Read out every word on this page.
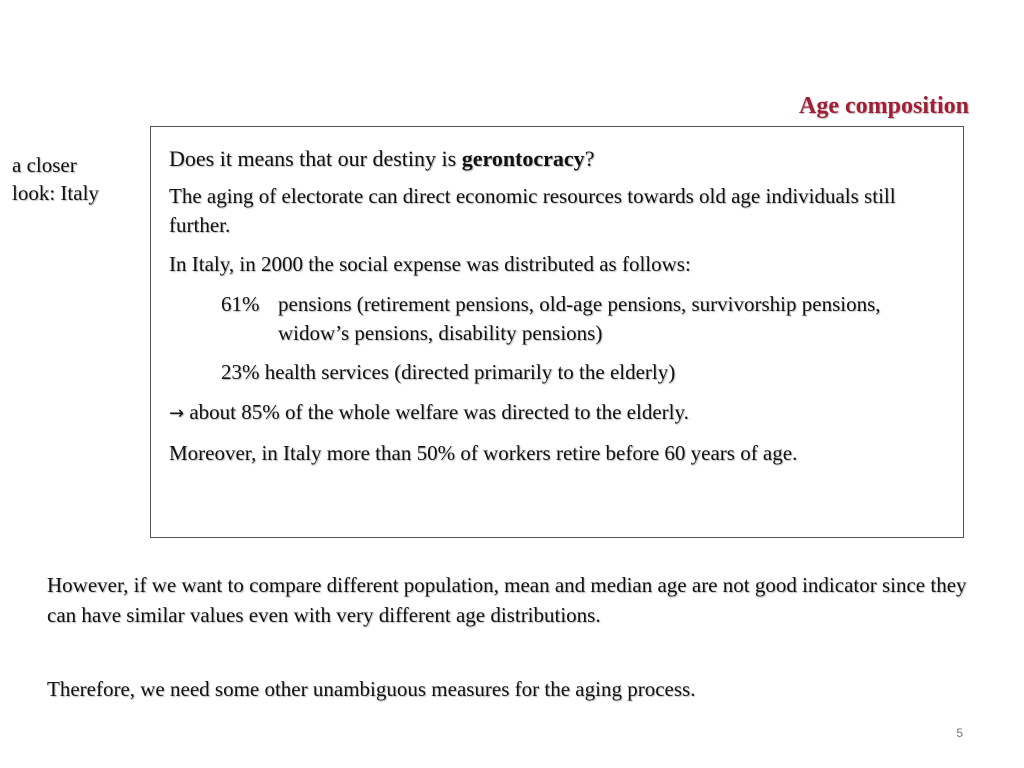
Age composition
a closer
look: Italy

Does it means that our destiny is gerontocracy?

The aging of electorate can direct economic resources towards old age individuals still further.

In Italy, in 2000 the social expense was distributed as follows:

61% pensions (retirement pensions, old-age pensions, survivorship pensions, widow’s pensions, disability pensions)

23% health services (directed primarily to the elderly)

→ about 85% of the whole welfare was directed to the elderly.

Moreover, in Italy more than 50% of workers retire before 60 years of age.

However, if we want to compare different population, mean and median age are not good indicator since they can have similar values even with very different age distributions.

Therefore, we need some other unambiguous measures for the aging process.

5
